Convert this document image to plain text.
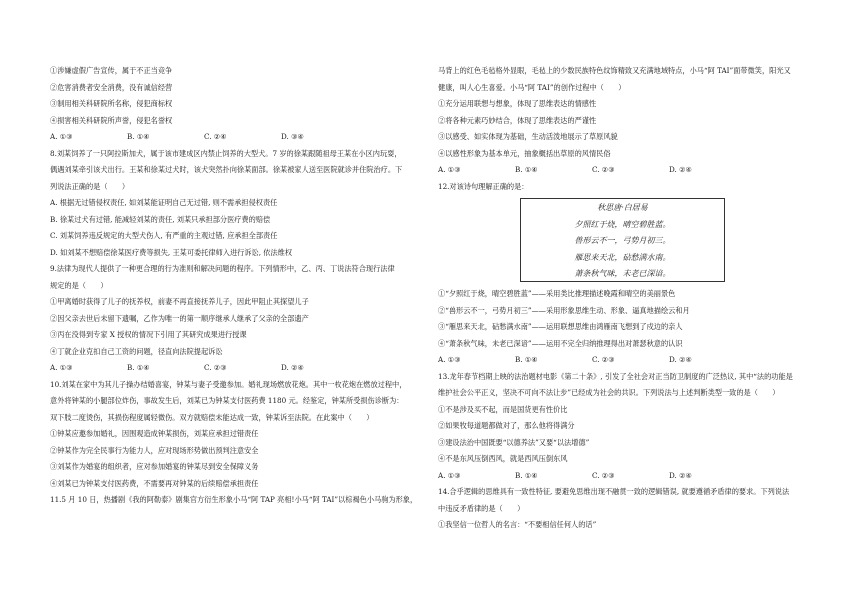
①涉嫌虚假广告宣传，属于不正当竞争
②危害消费者安全消费，没有诚信经营
③制用相关科研院所名称，侵犯商标权
④损害相关科研院所声誉，侵犯名誉权
A. ①③	B. ①④	C. ②④	D. ③④
8.刘某饲养了一只阿拉斯加犬，属于该市建成区内禁止饲养的大型犬。7 岁的徐某跟随祖母王某在小区内玩耍，
偶遇刘某牵引该犬出行。王某和徐某过犬时，该犬突然扑向徐某面部。徐某被家人送至医院就诊并住院治疗。下
列说法正确的是（　　）
A. 根据无过错侵权责任, 如刘某能证明自己无过错, 则不需承担侵权责任
B. 徐某过犬有过错, 能减轻刘某的责任, 刘某只承担部分医疗费的赔偿
C. 刘某饲养违反规定的大型犬伤人, 有严重的主观过错, 应承担全部责任
D. 如刘某不想赔偿徐某医疗费等损失, 王某可委托律师入进行诉讼, 依法维权
9.法律为现代人提供了一种更合理的行为准则和解决问题的程序。下列情形中，乙、丙、丁说法符合现行法律
规定的是（　　）
①甲离婚时获得了儿子的抚养权，前妻不再直接抚养儿子，因此甲阻止其探望儿子
②因父亲去世后未留下遗嘱，乙作为唯一的第一顺序继承人继承了父亲的全部遗产
③丙在没得到专家 X 授权的情况下引用了其研究成果进行授课
④丁就企业克扣自己工资的问题，径直向法院提起诉讼
A. ①③	B. ①④	C. ②③	D. ②④
10.刘某在家中为其儿子操办结婚喜宴，钟某与妻子受邀参加。婚礼现场燃放花炮。其中一枚花炮在燃放过程中，
意外将钟某的小腿部位炸伤，事故发生后，刘某已为钟某支付医药费 1180 元。经鉴定，钟某所受损伤诊断为：
双下肢二度烫伤，其损伤程度属轻微伤。双方就赔偿未能达成一致，钟某诉至法院。在此案中（　　）
①钟某应邀参加婚礼，因围观造成钟某损伤，刘某应承担过错责任
②钟某作为完全民事行为能力人，应对现场形势做出预判注意安全
③刘某作为婚宴的组织者，应对参加婚宴的钟某尽到安全保障义务
④刘某已为钟某支付医药费，不需要再对钟某的后续赔偿承担责任
11.5 月 10 日，热播剧《我的阿勒泰》剧集官方衍生形象小马“阿 TAP 亮相!小马“阿 TAI”以棕褐色小马驹为形象，
马背上的红色毛毡格外显眼，毛毡上的少数民族特色纹饰精致又充满地域特点，小马“阿 TAI”面带微笑，阳光又
健康，叫人心生喜爱。小马“阿 TAI”的创作过程中（　　）
①充分运用联想与想象，体现了思维表达的情感性
②将各种元素巧妙结合，体现了思维表达的严谨性
③以感受、如实体现为基础，生动活泼地展示了草原风貌
④以感性形象为基本单元，抽象概括出草原的风情民俗
A. ①③	B. ①④	C. ②③	D. ②④
12.对该诗句理解正确的是：
秋思唐·白居易
夕照红于烧，晴空碧胜蓝。
兽形云不一，弓势月初三。
雁思来天北，砧愁满水南。
萧条秋气味，未老已深谙。
①“夕照红于烧，晴空碧胜蓝”——采用类比推理描述晚霞和晴空的美丽景色
②“兽形云不一，弓势月初三”——采用形象思维生动、形象、逼真地描绘云和月
③“雁思来天北，砧愁满水南”——运用联想思维由鸿雁南飞想到了戍边的亲人
④“萧条秋气味，未老已深谙”——运用不完全归纳推理得出对萧瑟秋意的认识
A. ①③	B. ①④	C. ②③	D. ②④
13.龙年春节档期上映的法治题材电影《第二十条》, 引发了全社会对正当防卫制度的广泛热议, 其中“法的功能是
维护社会公平正义，坚决不可向不法让步”已经成为社会的共识。下列说法与上述判断类型一致的是（　　）
①不是涉及买不起，而是国货更有性价比
②如果牧每道题都做对了，那么他将得满分
③建设法治中国既要“以德养法”又要“以法增德”
④不是东风压倒西风，就是西风压倒东风
A. ①③	B. ①④	C. ②③	D. ②④
14.合乎逻辑的思维具有一致性特征, 要避免思维出现不融贯一致的逻辑错误, 就要遵循矛盾律的要求。下列说法
中违反矛盾律的是（　　）
①我坚信一位哲人的名言：“不要相信任何人的话”
